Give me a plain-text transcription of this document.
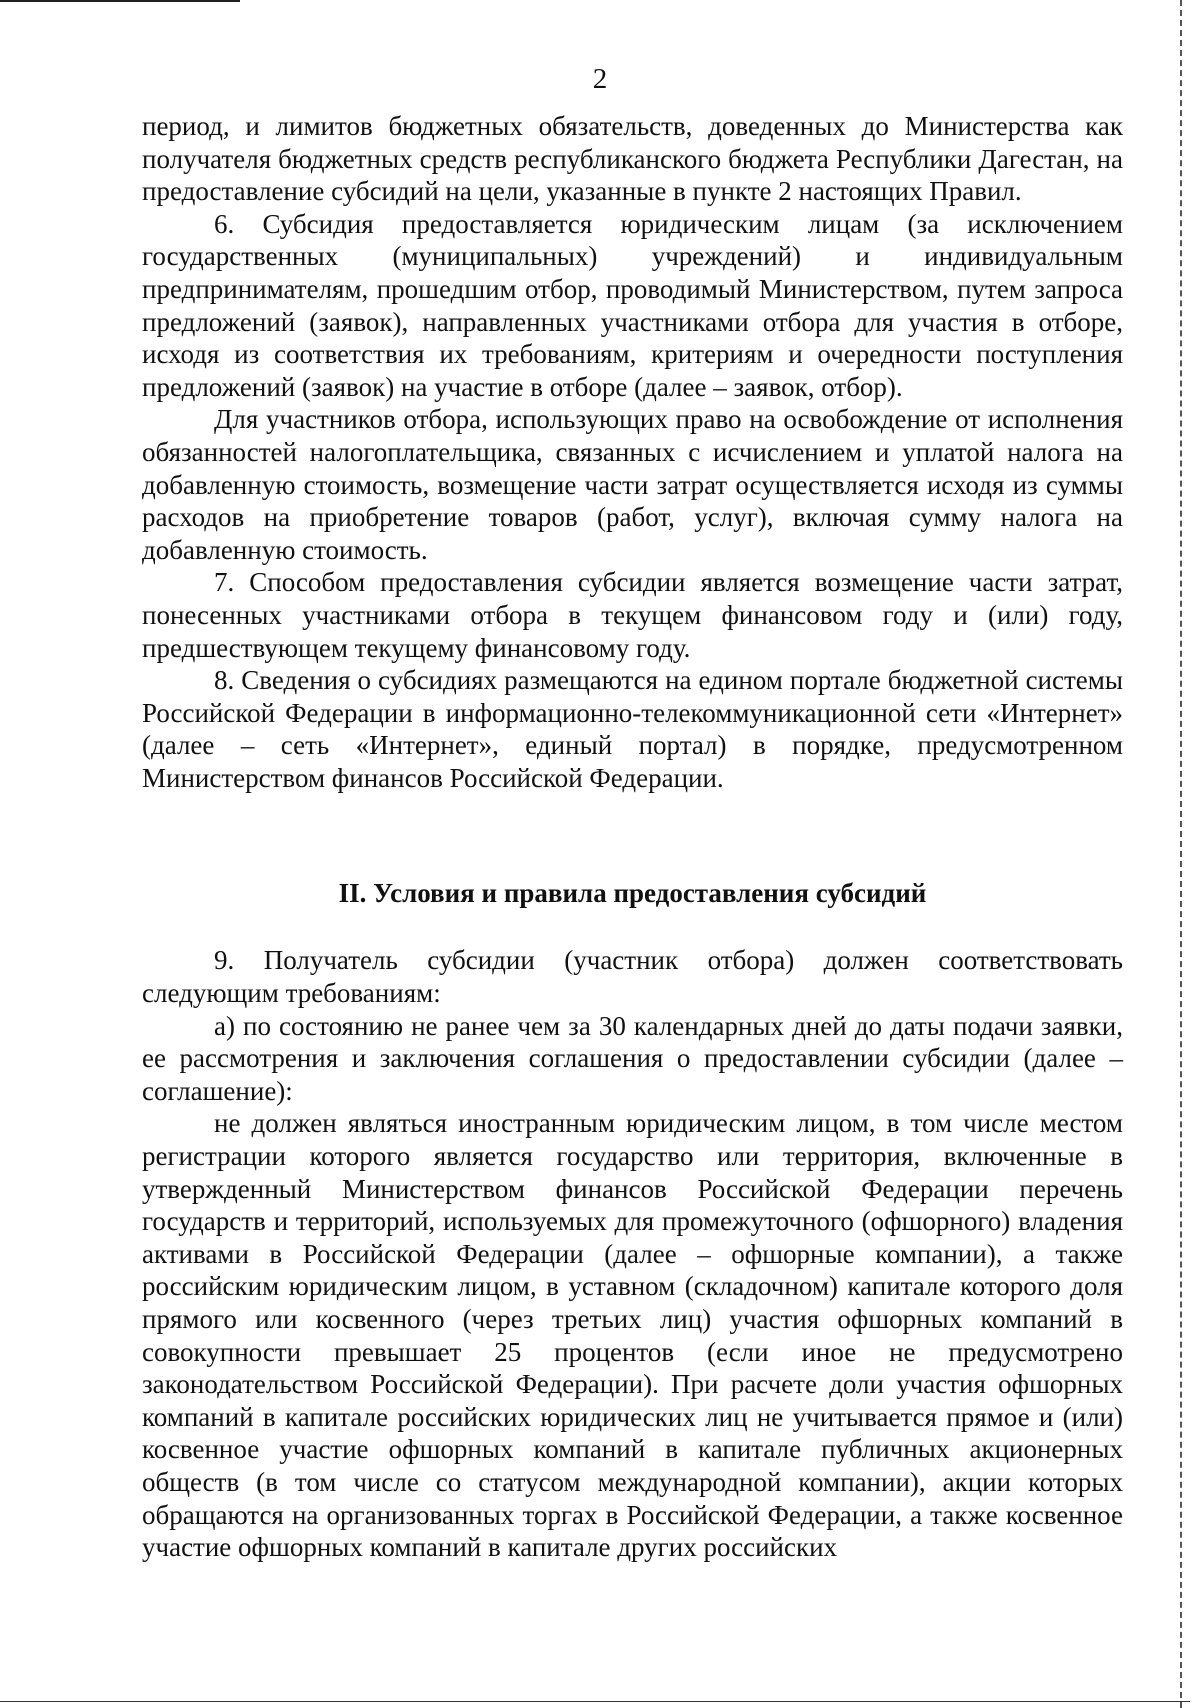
2

период, и лимитов бюджетных обязательств, доведенных до Министерства как получателя бюджетных средств республиканского бюджета Республики Дагестан, на предоставление субсидий на цели, указанные в пункте 2 настоящих Правил.

6. Субсидия предоставляется юридическим лицам (за исключением государственных (муниципальных) учреждений) и индивидуальным предпринимателям, прошедшим отбор, проводимый Министерством, путем запроса предложений (заявок), направленных участниками отбора для участия в отборе, исходя из соответствия их требованиям, критериям и очередности поступления предложений (заявок) на участие в отборе (далее – заявок, отбор).

Для участников отбора, использующих право на освобождение от исполнения обязанностей налогоплательщика, связанных с исчислением и уплатой налога на добавленную стоимость, возмещение части затрат осуществляется исходя из суммы расходов на приобретение товаров (работ, услуг), включая сумму налога на добавленную стоимость.

7. Способом предоставления субсидии является возмещение части затрат, понесенных участниками отбора в текущем финансовом году и (или) году, предшествующем текущему финансовому году.

8. Сведения о субсидиях размещаются на едином портале бюджетной системы Российской Федерации в информационно-телекоммуникационной сети «Интернет» (далее – сеть «Интернет», единый портал) в порядке, предусмотренном Министерством финансов Российской Федерации.

II. Условия и правила предоставления субсидий

9. Получатель субсидии (участник отбора) должен соответствовать следующим требованиям:

а) по состоянию не ранее чем за 30 календарных дней до даты подачи заявки, ее рассмотрения и заключения соглашения о предоставлении субсидии (далее – соглашение):

не должен являться иностранным юридическим лицом, в том числе местом регистрации которого является государство или территория, включенные в утвержденный Министерством финансов Российской Федерации перечень государств и территорий, используемых для промежуточного (офшорного) владения активами в Российской Федерации (далее – офшорные компании), а также российским юридическим лицом, в уставном (складочном) капитале которого доля прямого или косвенного (через третьих лиц) участия офшорных компаний в совокупности превышает 25 процентов (если иное не предусмотрено законодательством Российской Федерации). При расчете доли участия офшорных компаний в капитале российских юридических лиц не учитывается прямое и (или) косвенное участие офшорных компаний в капитале публичных акционерных обществ (в том числе со статусом международной компании), акции которых обращаются на организованных торгах в Российской Федерации, а также косвенное участие офшорных компаний в капитале других российских
